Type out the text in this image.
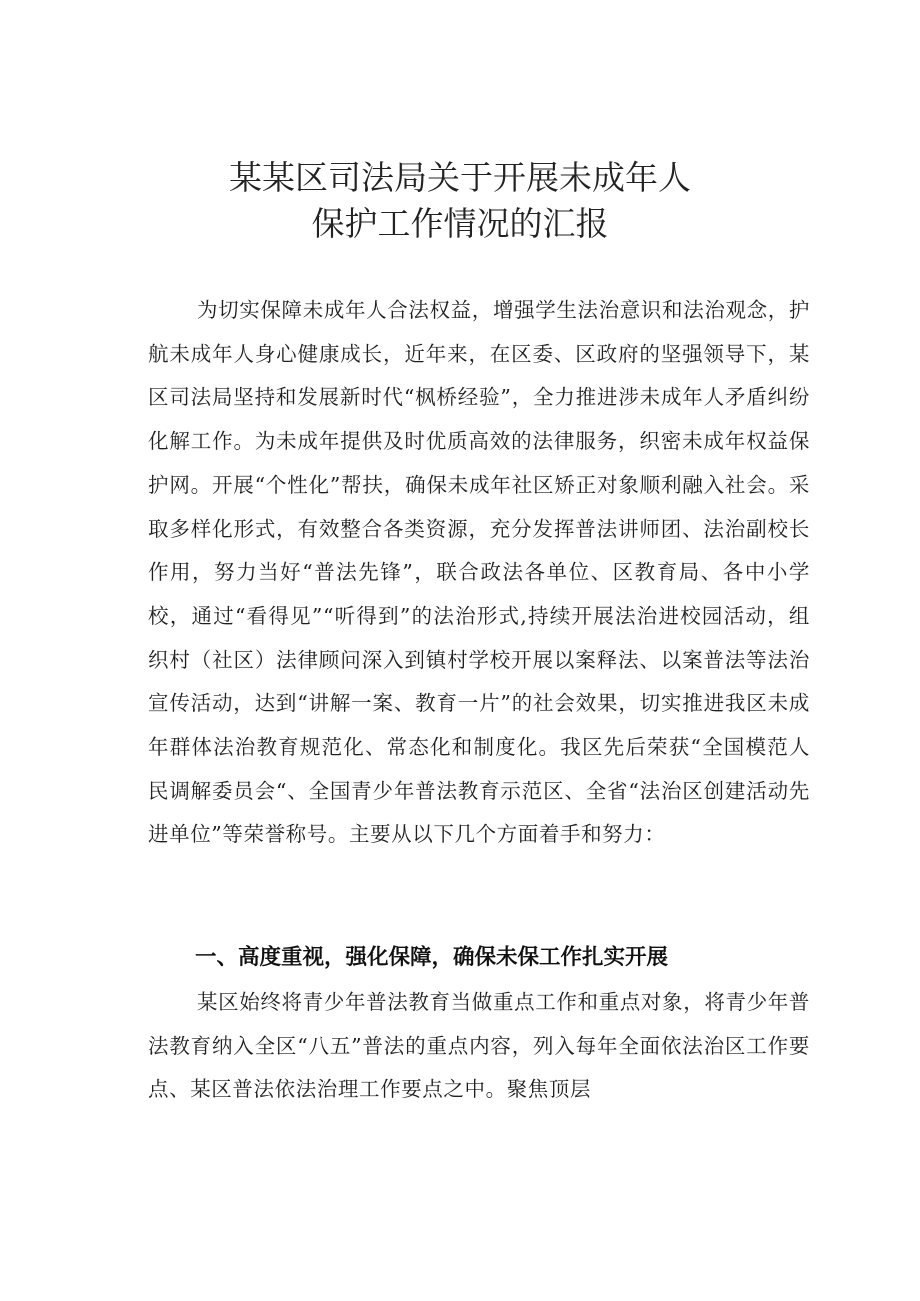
某某区司法局关于开展未成年人
保护工作情况的汇报

为切实保障未成年人合法权益，增强学生法治意识和法治观念，护航未成年人身心健康成长，近年来，在区委、区政府的坚强领导下，某区司法局坚持和发展新时代“枫桥经验”，全力推进涉未成年人矛盾纠纷化解工作。为未成年提供及时优质高效的法律服务，织密未成年权益保护网。开展“个性化”帮扶，确保未成年社区矫正对象顺利融入社会。采取多样化形式，有效整合各类资源，充分发挥普法讲师团、法治副校长作用，努力当好“普法先锋”，联合政法各单位、区教育局、各中小学校，通过“看得见”“听得到”的法治形式,持续开展法治进校园活动，组织村（社区）法律顾问深入到镇村学校开展以案释法、以案普法等法治宣传活动，达到“讲解一案、教育一片”的社会效果，切实推进我区未成年群体法治教育规范化、常态化和制度化。我区先后荣获“全国模范人民调解委员会“、全国青少年普法教育示范区、全省“法治区创建活动先进单位”等荣誉称号。主要从以下几个方面着手和努力：

一、高度重视，强化保障，确保未保工作扎实开展

某区始终将青少年普法教育当做重点工作和重点对象，将青少年普法教育纳入全区“八五”普法的重点内容，列入每年全面依法治区工作要点、某区普法依法治理工作要点之中。聚焦顶层
